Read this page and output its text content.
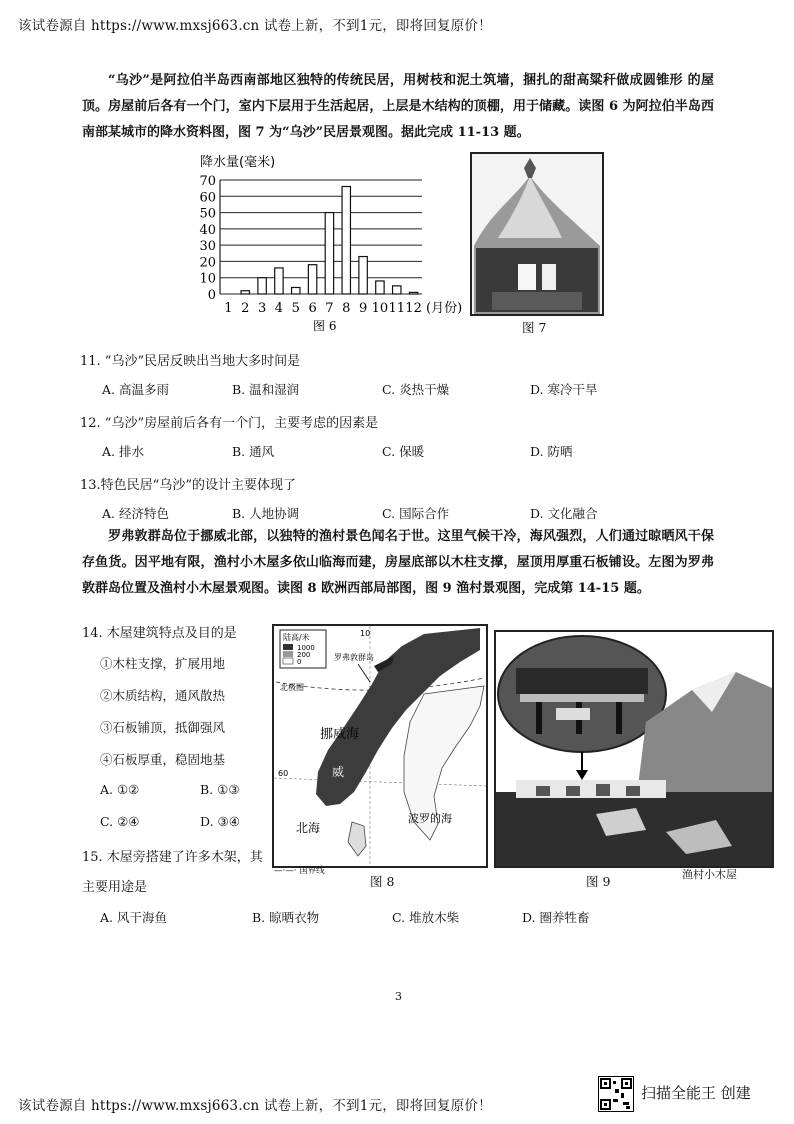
该试卷源自 https://www.mxsj663.cn 试卷上新，不到1元，即将回复原价！
“乌沙”是阿拉伯半岛西南部地区独特的传统民居，用树枝和泥土筑墙，捆扎的甜高粱秆做成圆锥形 的屋顶。房屋前后各有一个门，室内下层用于生活起居，上层是木结构的顶棚，用于储藏。读图 6 为阿拉伯半岛西南部某城市的降水资料图，图 7 为“乌沙”民居景观图。据此完成 11-13 题。
降水量(毫米)
0
10
20
30
40
50
60
70
1 2 3 4 5 6 7 8 9 10 11 12 (月份)
图 6	图 7
11. “乌沙”民居反映出当地大多时间是
A. 高温多雨	B. 温和湿润	C. 炎热干燥	D. 寒冷干旱
12. “乌沙”房屋前后各有一个门，主要考虑的因素是
A. 排水	B. 通风	C. 保暖	D. 防晒
13.特色民居“乌沙”的设计主要体现了
A. 经济特色	B. 人地协调	C. 国际合作	D. 文化融合
罗弗敦群岛位于挪威北部，以独特的渔村景色闻名于世。这里气候干冷，海风强烈，人们通过晾晒风干保存鱼货。因平地有限，渔村小木屋多依山临海而建，房屋底部以木柱支撑，屋顶用厚重石板铺设。左图为罗弗敦群岛位置及渔村小木屋景观图。读图 8 欧洲西部局部图，图 9 渔村景观图，完成第 14-15 题。
14. 木屋建筑特点及目的是
①木柱支撑，扩展用地
②木质结构，通风散热
③石板铺顶，抵御强风
④石板厚重，稳固地基
A. ①②	B. ①③
C. ②④	D. ③④
15. 木屋旁搭建了许多木架，其
主要用途是
A. 风干海鱼	B. 晾晒衣物	C. 堆放木柴	D. 圈养牲畜
陆高/米
1000
200
0
10
北极圈
60
罗弗敦群岛
挪威海
威
北海
波罗的海
—·—· 国界线
图 8	图 9	渔村小木屋
3
该试卷源自 https://www.mxsj663.cn 试卷上新，不到1元，即将回复原价！
扫描全能王 创建
